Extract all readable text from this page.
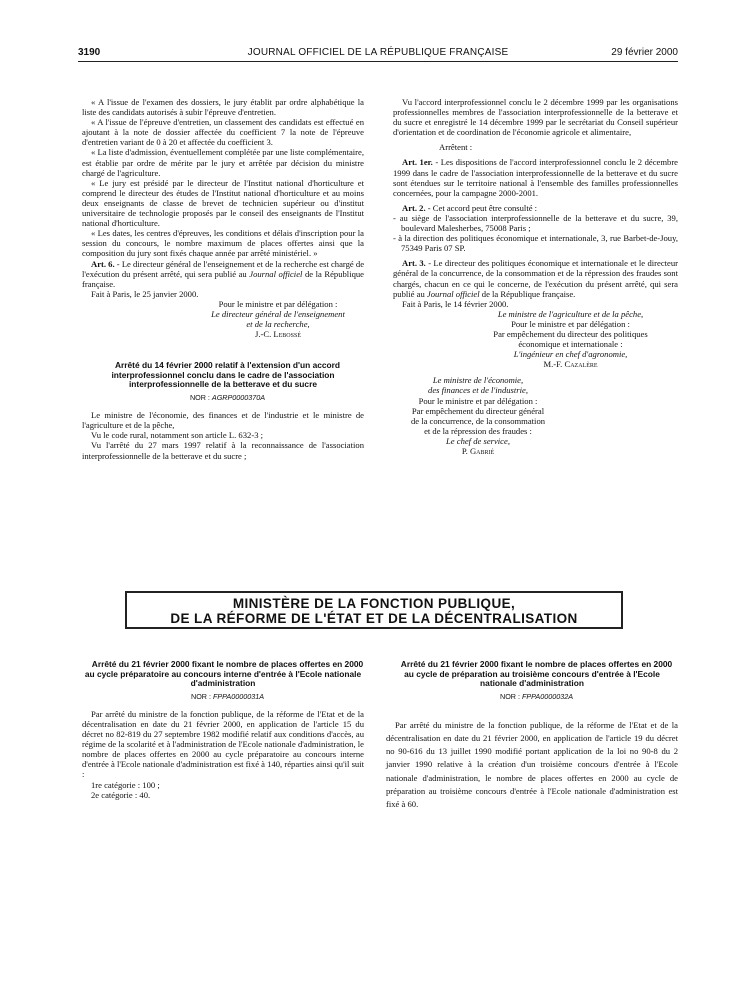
3190	JOURNAL OFFICIEL DE LA RÉPUBLIQUE FRANÇAISE	29 février 2000

« A l'issue de l'examen des dossiers, le jury établit par ordre alphabétique la liste des candidats autorisés à subir l'épreuve d'entretien.

« A l'issue de l'épreuve d'entretien, un classement des candidats est effectué en ajoutant à la note de dossier affectée du coefficient 7 la note de l'épreuve d'entretien variant de 0 à 20 et affectée du coefficient 3.

« La liste d'admission, éventuellement complétée par une liste complémentaire, est établie par ordre de mérite par le jury et arrêtée par décision du ministre chargé de l'agriculture.

« Le jury est présidé par le directeur de l'Institut national d'horticulture et comprend le directeur des études de l'Institut national d'horticulture et au moins deux enseignants de classe de brevet de technicien supérieur ou d'institut universitaire de technologie proposés par le conseil des enseignants de l'Institut national d'horticulture.

« Les dates, les centres d'épreuves, les conditions et délais d'inscription pour la session du concours, le nombre maximum de places offertes ainsi que la composition du jury sont fixés chaque année par arrêté ministériel. »

Art. 6. - Le directeur général de l'enseignement et de la recherche est chargé de l'exécution du présent arrêté, qui sera publié au Journal officiel de la République française.

Fait à Paris, le 25 janvier 2000.

Pour le ministre et par délégation :

Le directeur général de l'enseignement

et de la recherche,

J.-C. Lebossé

Arrêté du 14 février 2000 relatif à l'extension d'un accord interprofessionnel conclu dans le cadre de l'association interprofessionnelle de la betterave et du sucre

NOR : AGRP0000370A

Le ministre de l'économie, des finances et de l'industrie et le ministre de l'agriculture et de la pêche,

Vu le code rural, notamment son article L. 632-3 ;

Vu l'arrêté du 27 mars 1997 relatif à la reconnaissance de l'association interprofessionnelle de la betterave et du sucre ;

Vu l'accord interprofessionnel conclu le 2 décembre 1999 par les organisations professionnelles membres de l'association interprofessionnelle de la betterave et du sucre et enregistré le 14 décembre 1999 par le secrétariat du Conseil supérieur d'orientation et de coordination de l'économie agricole et alimentaire,

Arrêtent :

Art. 1er. - Les dispositions de l'accord interprofessionnel conclu le 2 décembre 1999 dans le cadre de l'association interprofessionnelle de la betterave et du sucre sont étendues sur le territoire national à l'ensemble des familles professionnelles concernées, pour la campagne 2000-2001.

Art. 2. - Cet accord peut être consulté :

- au siège de l'association interprofessionnelle de la betterave et du sucre, 39, boulevard Malesherbes, 75008 Paris ;
- à la direction des politiques économique et internationale, 3, rue Barbet-de-Jouy, 75349 Paris 07 SP.

Art. 3. - Le directeur des politiques économique et internationale et le directeur général de la concurrence, de la consommation et de la répression des fraudes sont chargés, chacun en ce qui le concerne, de l'exécution du présent arrêté, qui sera publié au Journal officiel de la République française.

Fait à Paris, le 14 février 2000.

Le ministre de l'agriculture et de la pêche,

Pour le ministre et par délégation :

Par empêchement du directeur des politiques

économique et internationale :

L'ingénieur en chef d'agronomie,

M.-F. Cazalère

Le ministre de l'économie,

des finances et de l'industrie,

Pour le ministre et par délégation :

Par empêchement du directeur général

de la concurrence, de la consommation

et de la répression des fraudes :

Le chef de service,

P. Gabrié

MINISTÈRE DE LA FONCTION PUBLIQUE,
DE LA RÉFORME DE L'ÉTAT ET DE LA DÉCENTRALISATION

Arrêté du 21 février 2000 fixant le nombre de places offertes en 2000 au cycle préparatoire au concours interne d'entrée à l'Ecole nationale d'administration

NOR : FPPA0000031A

Par arrêté du ministre de la fonction publique, de la réforme de l'Etat et de la décentralisation en date du 21 février 2000, en application de l'article 15 du décret no 82-819 du 27 septembre 1982 modifié relatif aux conditions d'accès, au régime de la scolarité et à l'administration de l'Ecole nationale d'administration, le nombre de places offertes en 2000 au cycle préparatoire au concours interne d'entrée à l'Ecole nationale d'administration est fixé à 140, réparties ainsi qu'il suit :

1re catégorie : 100 ;

2e catégorie : 40.

Arrêté du 21 février 2000 fixant le nombre de places offertes en 2000 au cycle de préparation au troisième concours d'entrée à l'Ecole nationale d'administration

NOR : FPPA0000032A

Par arrêté du ministre de la fonction publique, de la réforme de l'Etat et de la décentralisation en date du 21 février 2000, en application de l'article 19 du décret no 90-616 du 13 juillet 1990 modifié portant application de la loi no 90-8 du 2 janvier 1990 relative à la création d'un troisième concours d'entrée à l'Ecole nationale d'administration, le nombre de places offertes en 2000 au cycle de préparation au troisième concours d'entrée à l'Ecole nationale d'administration est fixé à 60.
